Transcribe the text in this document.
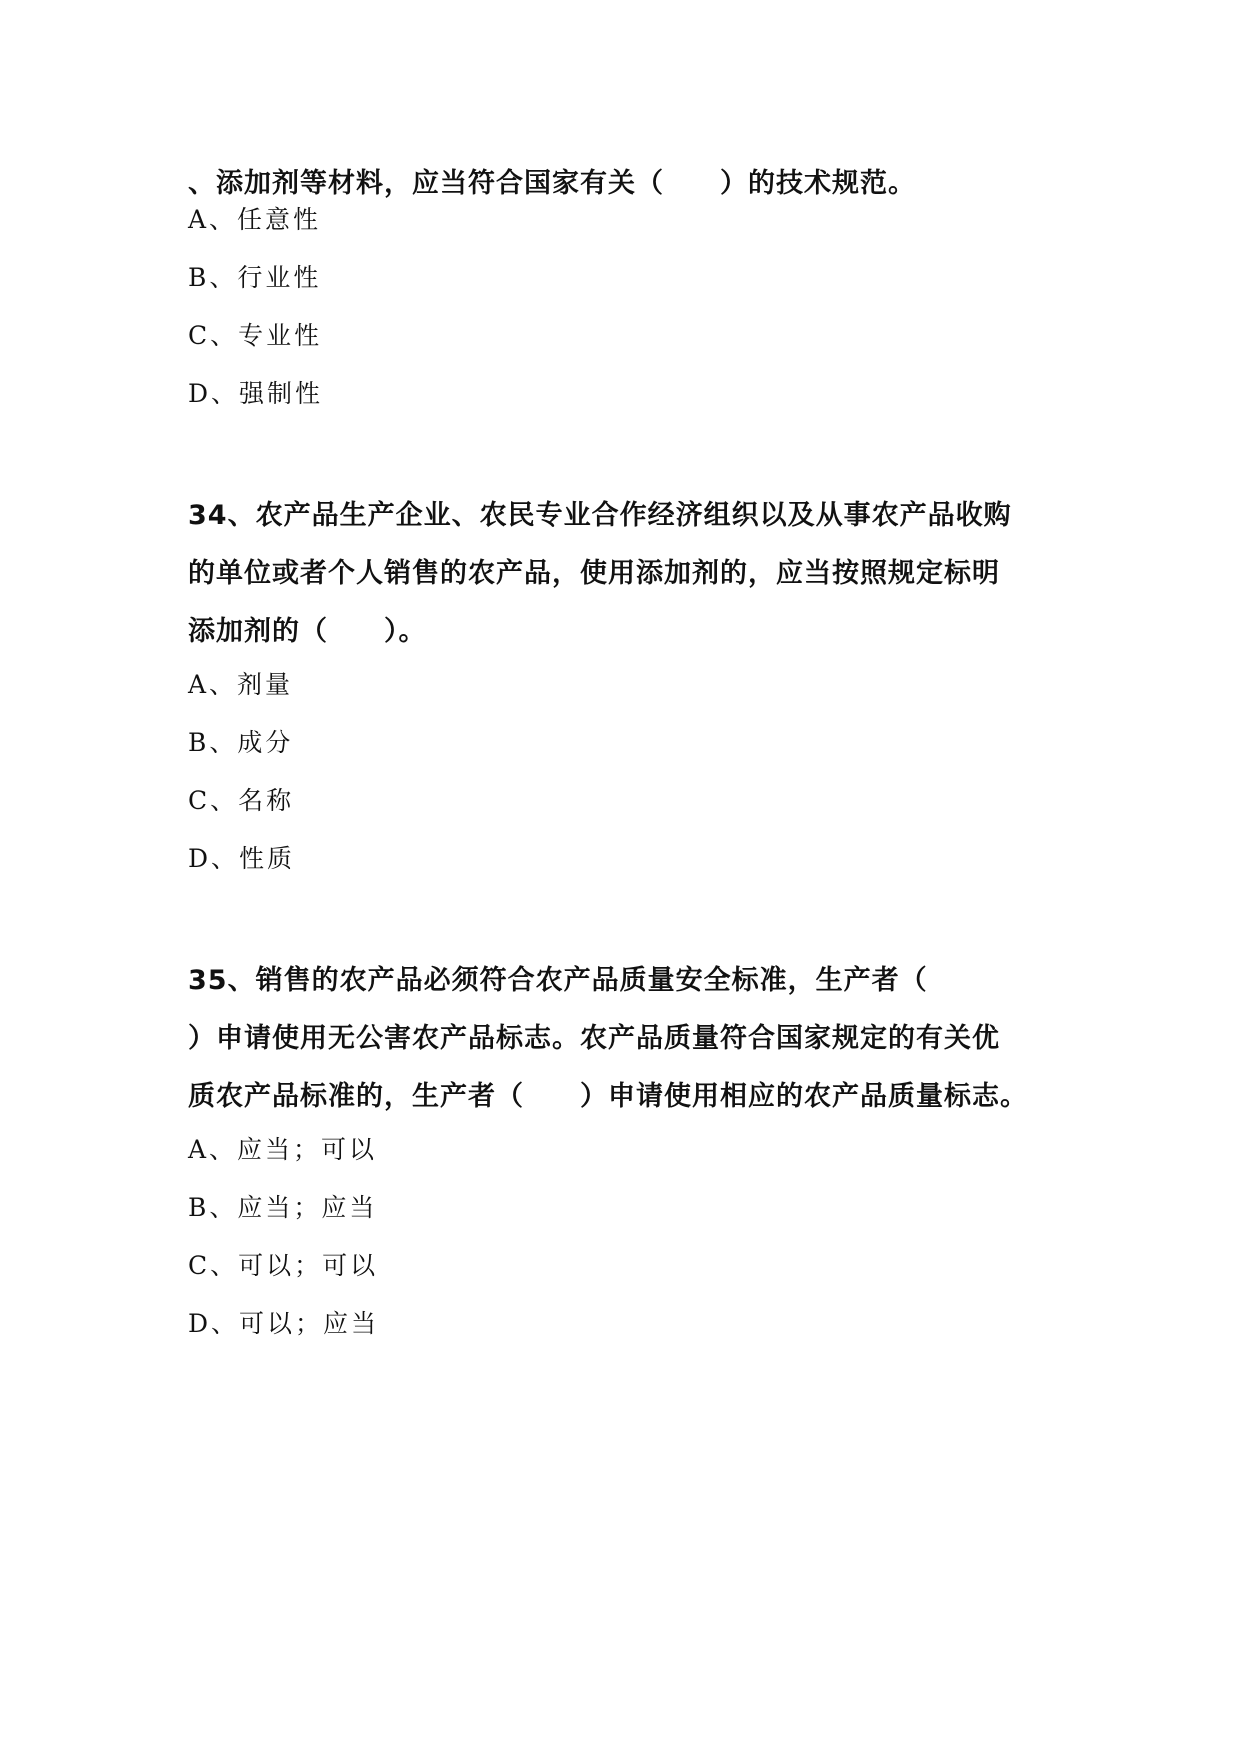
、添加剂等材料，应当符合国家有关（　　）的技术规范。
A、任意性
B、行业性
C、专业性
D、强制性
34、农产品生产企业、农民专业合作经济组织以及从事农产品收购
的单位或者个人销售的农产品，使用添加剂的，应当按照规定标明
添加剂的（　　）。
A、剂量
B、成分
C、名称
D、性质
35、销售的农产品必须符合农产品质量安全标准，生产者（
）申请使用无公害农产品标志。农产品质量符合国家规定的有关优
质农产品标准的，生产者（　　）申请使用相应的农产品质量标志。
A、应当；可以
B、应当；应当
C、可以；可以
D、可以；应当
